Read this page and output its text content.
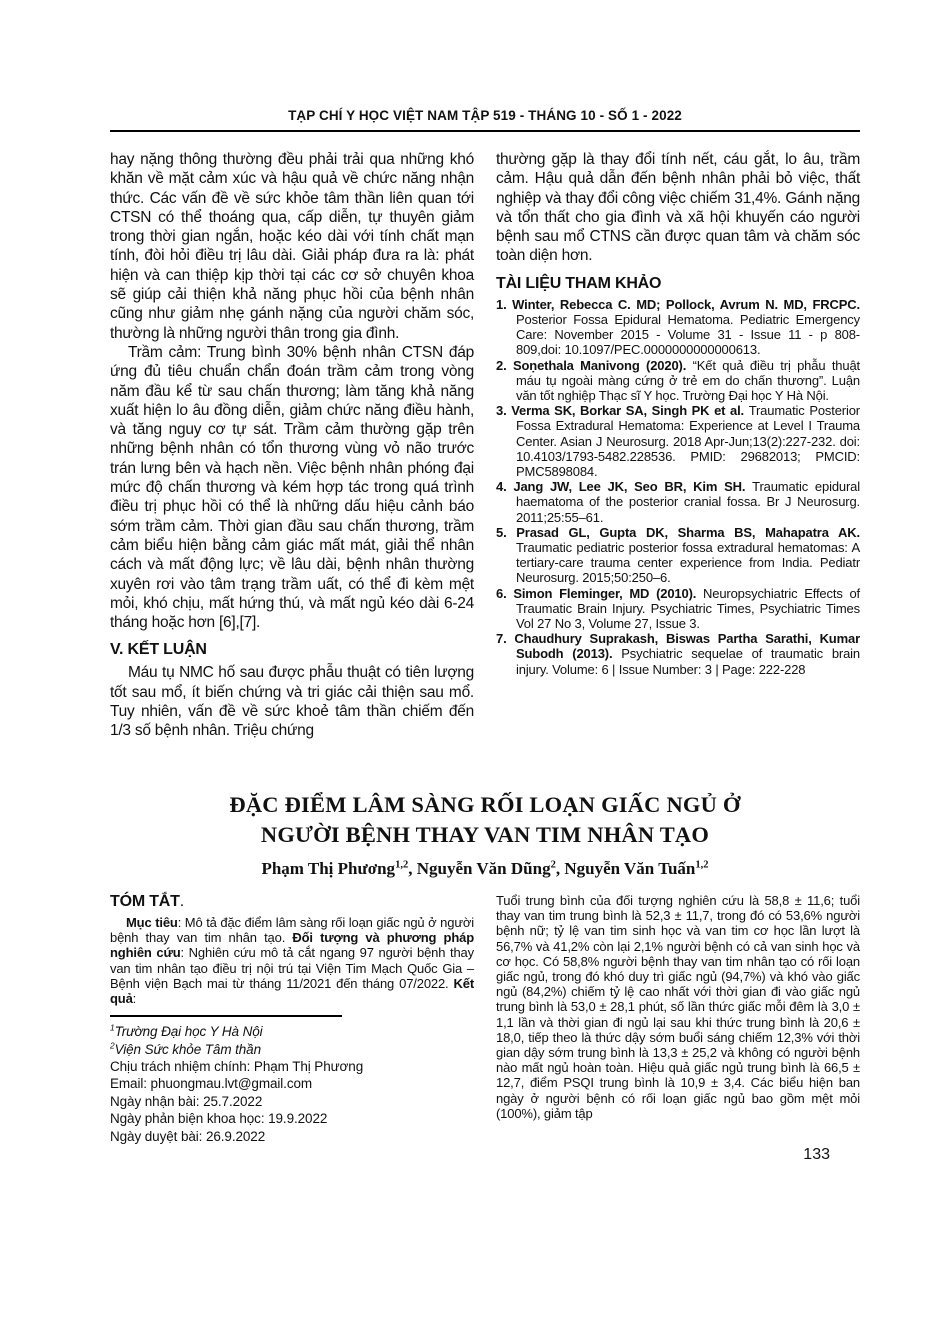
TẠP CHÍ Y HỌC VIỆT NAM TẬP 519 - THÁNG 10 - SỐ 1 - 2022

hay nặng thông thường đều phải trải qua những khó khăn về mặt cảm xúc và hậu quả về chức năng nhận thức. Các vấn đề về sức khỏe tâm thần liên quan tới CTSN có thể thoáng qua, cấp diễn, tự thuyên giảm trong thời gian ngắn, hoặc kéo dài với tính chất mạn tính, đòi hỏi điều trị lâu dài. Giải pháp đưa ra là: phát hiện và can thiệp kịp thời tại các cơ sở chuyên khoa sẽ giúp cải thiện khả năng phục hồi của bệnh nhân cũng như giảm nhẹ gánh nặng của người chăm sóc, thường là những người thân trong gia đình.

Trầm cảm: Trung bình 30% bệnh nhân CTSN đáp ứng đủ tiêu chuẩn chẩn đoán trầm cảm trong vòng năm đầu kể từ sau chấn thương; làm tăng khả năng xuất hiện lo âu đồng diễn, giảm chức năng điều hành, và tăng nguy cơ tự sát. Trầm cảm thường gặp trên những bệnh nhân có tổn thương vùng vỏ não trước trán lưng bên và hạch nền. Việc bệnh nhân phóng đại mức độ chấn thương và kém hợp tác trong quá trình điều trị phục hồi có thể là những dấu hiệu cảnh báo sớm trầm cảm. Thời gian đầu sau chấn thương, trầm cảm biểu hiện bằng cảm giác mất mát, giải thể nhân cách và mất động lực; về lâu dài, bệnh nhân thường xuyên rơi vào tâm trạng trầm uất, có thể đi kèm mệt mỏi, khó chịu, mất hứng thú, và mất ngủ kéo dài 6-24 tháng hoặc hơn [6],[7].

V. KẾT LUẬN

Máu tụ NMC hố sau được phẫu thuật có tiên lượng tốt sau mổ, ít biến chứng và tri giác cải thiện sau mổ. Tuy nhiên, vấn đề về sức khoẻ tâm thần chiếm đến 1/3 số bệnh nhân. Triệu chứng

thường gặp là thay đổi tính nết, cáu gắt, lo âu, trầm cảm. Hậu quả dẫn đến bệnh nhân phải bỏ việc, thất nghiệp và thay đổi công việc chiếm 31,4%. Gánh nặng và tổn thất cho gia đình và xã hội khuyến cáo người bệnh sau mổ CTNS cần được quan tâm và chăm sóc toàn diện hơn.

TÀI LIỆU THAM KHẢO
1. Winter, Rebecca C. MD; Pollock, Avrum N. MD, FRCPC. Posterior Fossa Epidural Hematoma. Pediatric Emergency Care: November 2015 - Volume 31 - Issue 11 - p 808-809,doi: 10.1097/PEC.0000000000000613.
2. Soṇethala Manivong (2020). “Kết quả điều trị phẫu thuật máu tụ ngoài màng cứng ở trẻ em do chấn thương”. Luận văn tốt nghiệp Thạc sĩ Y học. Trường Đại học Y Hà Nội.
3. Verma SK, Borkar SA, Singh PK et al. Traumatic Posterior Fossa Extradural Hematoma: Experience at Level I Trauma Center. Asian J Neurosurg. 2018 Apr-Jun;13(2):227-232. doi: 10.4103/1793-5482.228536. PMID: 29682013; PMCID: PMC5898084.
4. Jang JW, Lee JK, Seo BR, Kim SH. Traumatic epidural haematoma of the posterior cranial fossa. Br J Neurosurg. 2011;25:55–61.
5. Prasad GL, Gupta DK, Sharma BS, Mahapatra AK. Traumatic pediatric posterior fossa extradural hematomas: A tertiary-care trauma center experience from India. Pediatr Neurosurg. 2015;50:250–6.
6. Simon Fleminger, MD (2010). Neuropsychiatric Effects of Traumatic Brain Injury. Psychiatric Times, Psychiatric Times Vol 27 No 3, Volume 27, Issue 3.
7. Chaudhury Suprakash, Biswas Partha Sarathi, Kumar Subodh (2013). Psychiatric sequelae of traumatic brain injury. Volume: 6 | Issue Number: 3 | Page: 222-228
ĐẶC ĐIỂM LÂM SÀNG RỐI LOẠN GIẤC NGỦ Ở
NGƯỜI BỆNH THAY VAN TIM NHÂN TẠO
Phạm Thị Phương$^{1,2}$, Nguyễn Văn Dũng$^2$, Nguyễn Văn Tuấn$^{1,2}$
TÓM TẮT.

Mục tiêu: Mô tả đặc điểm lâm sàng rối loạn giấc ngủ ở người bệnh thay van tim nhân tạo. Đối tượng và phương pháp nghiên cứu: Nghiên cứu mô tả cắt ngang 97 người bệnh thay van tim nhân tạo điều trị nội trú tại Viện Tim Mạch Quốc Gia – Bệnh viện Bạch mai từ tháng 11/2021 đến tháng 07/2022. Kết quả:

$^1$Trường Đại học Y Hà Nội
$^2$Viện Sức khỏe Tâm thần
Chịu trách nhiệm chính: Phạm Thị Phương
Email: phuongmau.lvt@gmail.com
Ngày nhận bài: 25.7.2022
Ngày phản biện khoa học: 19.9.2022
Ngày duyệt bài: 26.9.2022

Tuổi trung bình của đối tượng nghiên cứu là 58,8 ± 11,6; tuổi thay van tim trung bình là 52,3 ± 11,7, trong đó có 53,6% người bệnh nữ; tỷ lệ van tim sinh học và van tim cơ học lần lượt là 56,7% và 41,2% còn lại 2,1% người bệnh có cả van sinh học và cơ học. Có 58,8% người bệnh thay van tim nhân tạo có rối loạn giấc ngủ, trong đó khó duy trì giấc ngủ (94,7%) và khó vào giấc ngủ (84,2%) chiếm tỷ lệ cao nhất với thời gian đi vào giấc ngủ trung bình là 53,0 ± 28,1 phút, số lần thức giấc mỗi đêm là 3,0 ± 1,1 lần và thời gian đi ngủ lại sau khi thức trung bình là 20,6 ± 18,0, tiếp theo là thức dậy sớm buổi sáng chiếm 12,3% với thời gian dậy sớm trung bình là 13,3 ± 25,2 và không có người bệnh nào mất ngủ hoàn toàn. Hiệu quả giấc ngủ trung bình là 66,5 ± 12,7, điểm PSQI trung bình là 10,9 ± 3,4. Các biểu hiện ban ngày ở người bệnh có rối loạn giấc ngủ bao gồm mệt mỏi (100%), giảm tập

133
